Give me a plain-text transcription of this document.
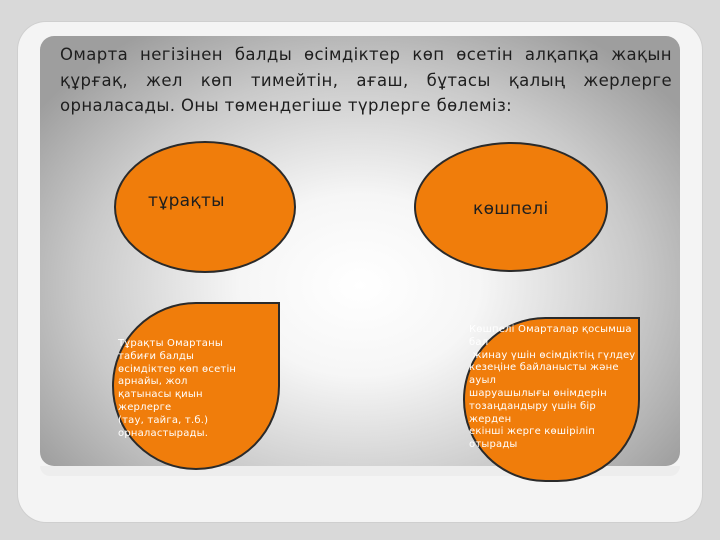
Омарта негізінен балды өсімдіктер көп өсетін алқапқа жақын құрғақ, жел көп тимейтін, ағаш, бұтасы қалың жерлерге орналасады. Оны төмендегіше түрлерге бөлеміз:

тұрақты	көшпелі
Тұрақты Омартаны
табиғи балды
өсімдіктер көп өсетін
арнайы, жол
қатынасы қиын
жерлерге
(тау, тайга, т.б.)
орналастырады.
Көшпелі Омарталар қосымша
бал
жинау үшін өсімдіктің гүлдеу
кезеңіне байланысты және
ауыл
шаруашылығы өнімдерін
тозаңдандыру үшін бір
жерден
екінші жерге көшіріліп
отырады
